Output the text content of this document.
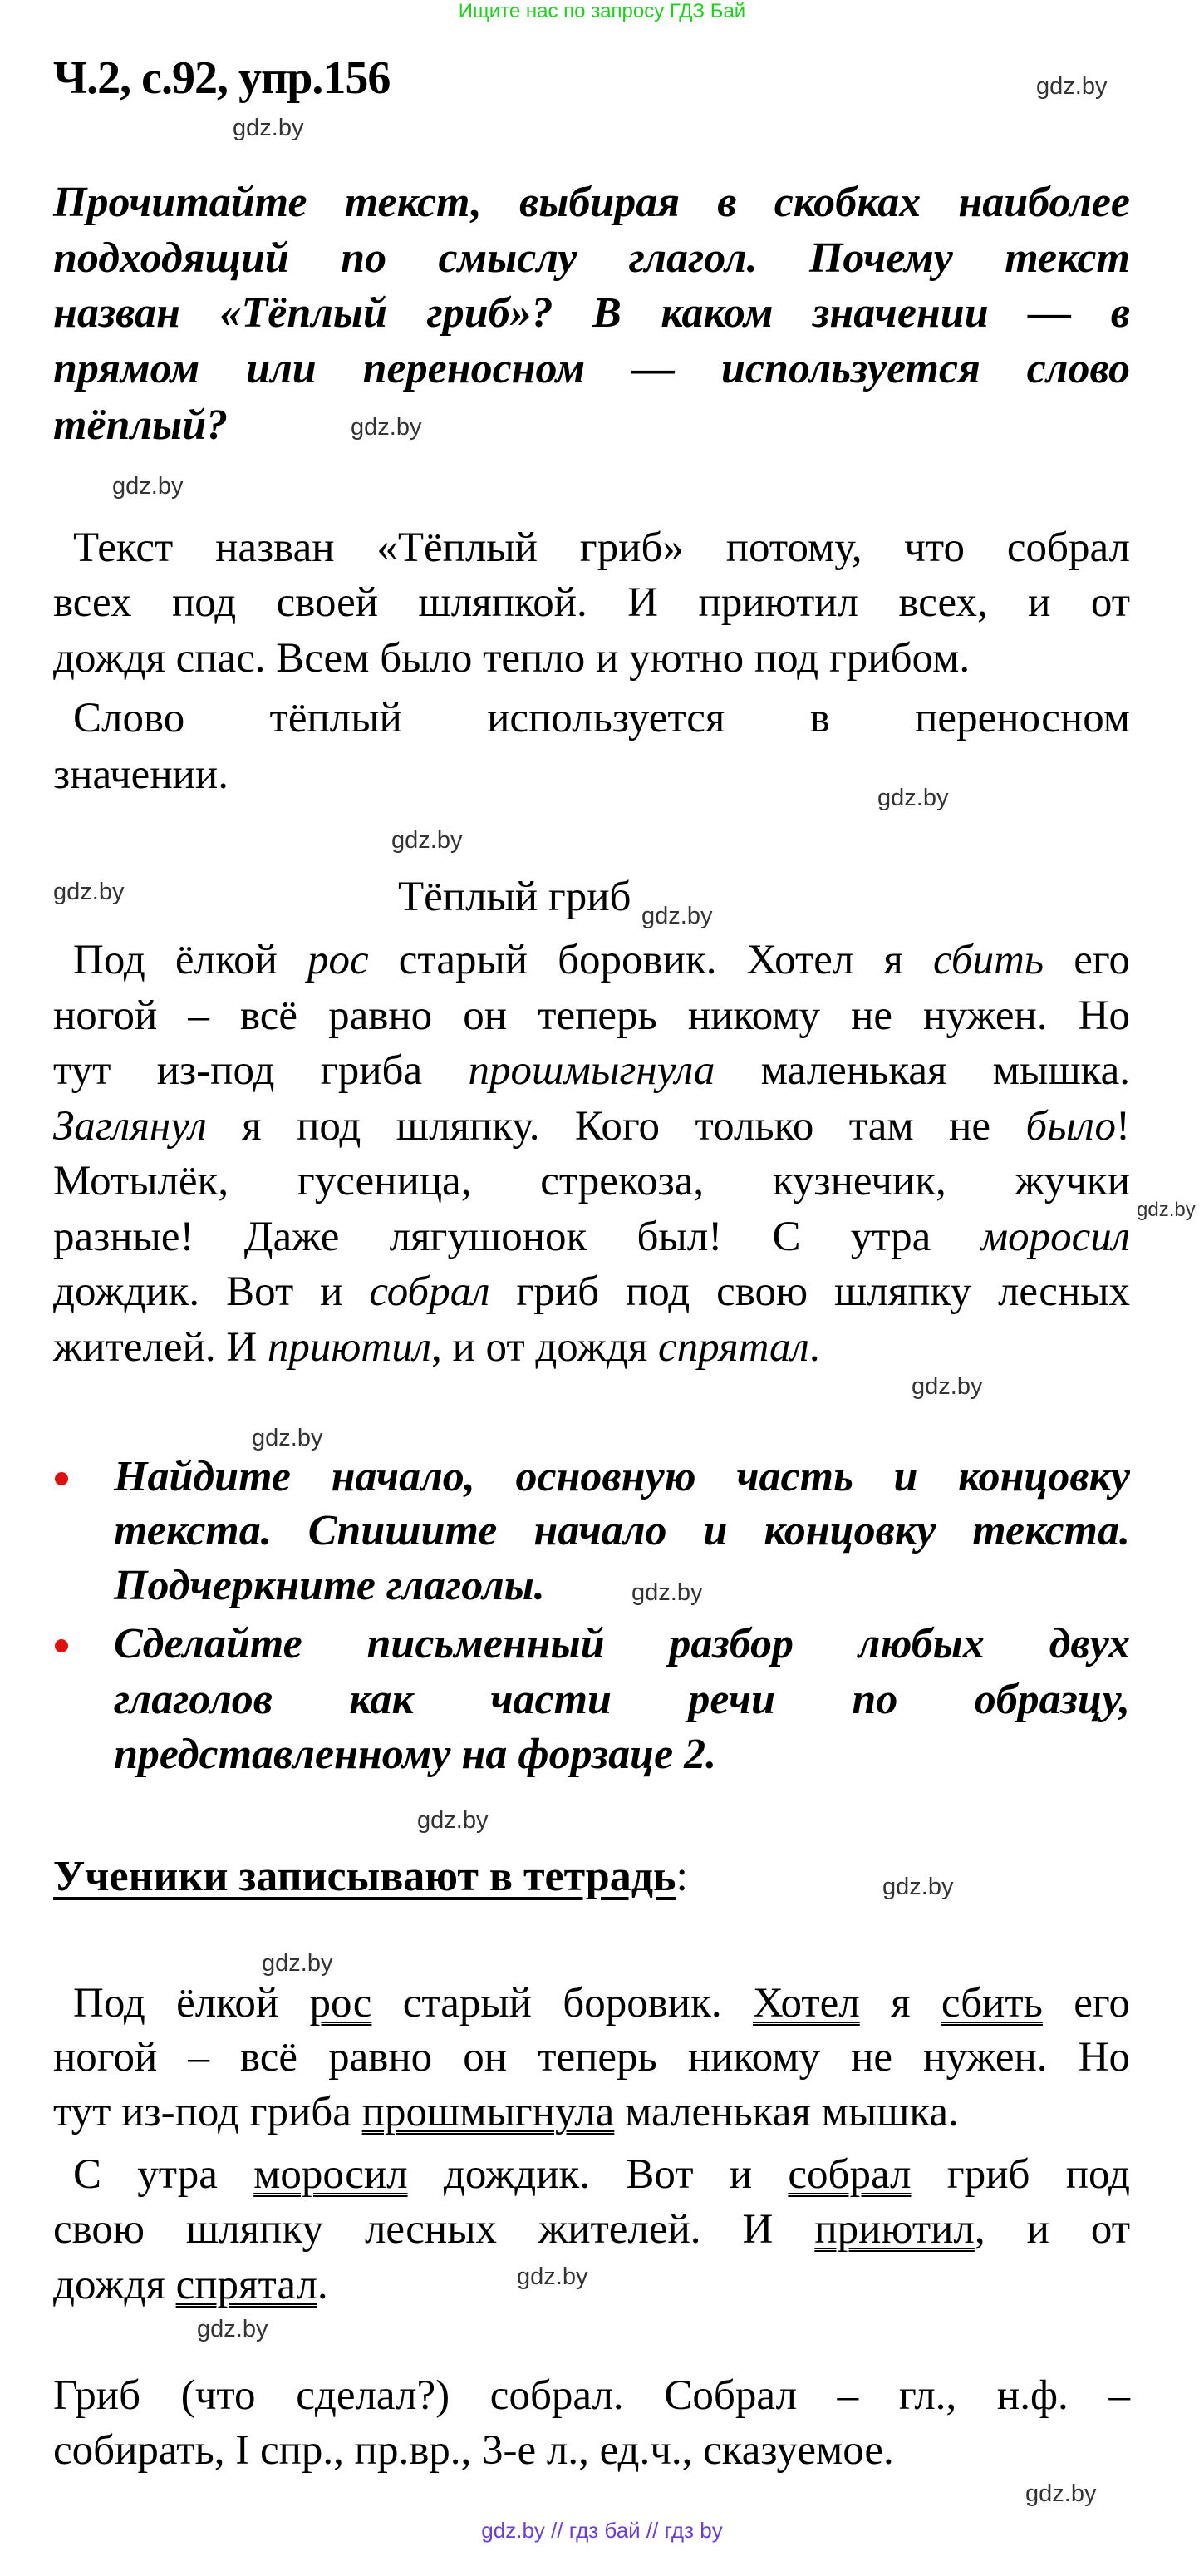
Ищите нас по запросу ГДЗ Бай
Ч.2, с.92, упр.156
Тёплый гриб
Ученики записывают в тетрадь:
gdz.by // гдз бай // гдз by
Прочитайте текст, выбирая в скобках наиболее
подходящий по смыслу глагол. Почему текст
назван «Тёплый гриб»? В каком значении — в
прямом или переносном — используется слово
тёплый?
Текст назван «Тёплый гриб» потому, что собрал
всех под своей шляпкой. И приютил всех, и от
дождя спас. Всем было тепло и уютно под грибом.
Слово тёплый используется в переносном
значении.
Под ёлкой рос старый боровик. Хотел я сбить его
ногой – всё равно он теперь никому не нужен. Но
тут из-под гриба прошмыгнула маленькая мышка.
Заглянул я под шляпку. Кого только там не было!
Мотылёк, гусеница, стрекоза, кузнечик, жучки
разные! Даже лягушонок был! С утра моросил
дождик. Вот и собрал гриб под свою шляпку лесных
жителей. И приютил, и от дождя спрятал.
Найдите начало, основную часть и концовку
текста. Спишите начало и концовку текста.
Подчеркните глаголы.
Сделайте письменный разбор любых двух
глаголов как части речи по образцу,
представленному на форзаце 2.
Под ёлкой рос старый боровик. Хотел я сбить его
ногой – всё равно он теперь никому не нужен. Но
тут из-под гриба прошмыгнула маленькая мышка.
С утра моросил дождик. Вот и собрал гриб под
свою шляпку лесных жителей. И приютил, и от
дождя спрятал.
Гриб (что сделал?) собрал. Собрал – гл., н.ф. –
собирать, I спр., пр.вр., 3-е л., ед.ч., сказуемое.
gdz.by
gdz.by
gdz.by
gdz.by
gdz.by
gdz.by
gdz.by
gdz.by
gdz.by
gdz.by
gdz.by
gdz.by
gdz.by
gdz.by
gdz.by
gdz.by
gdz.by
gdz.by
